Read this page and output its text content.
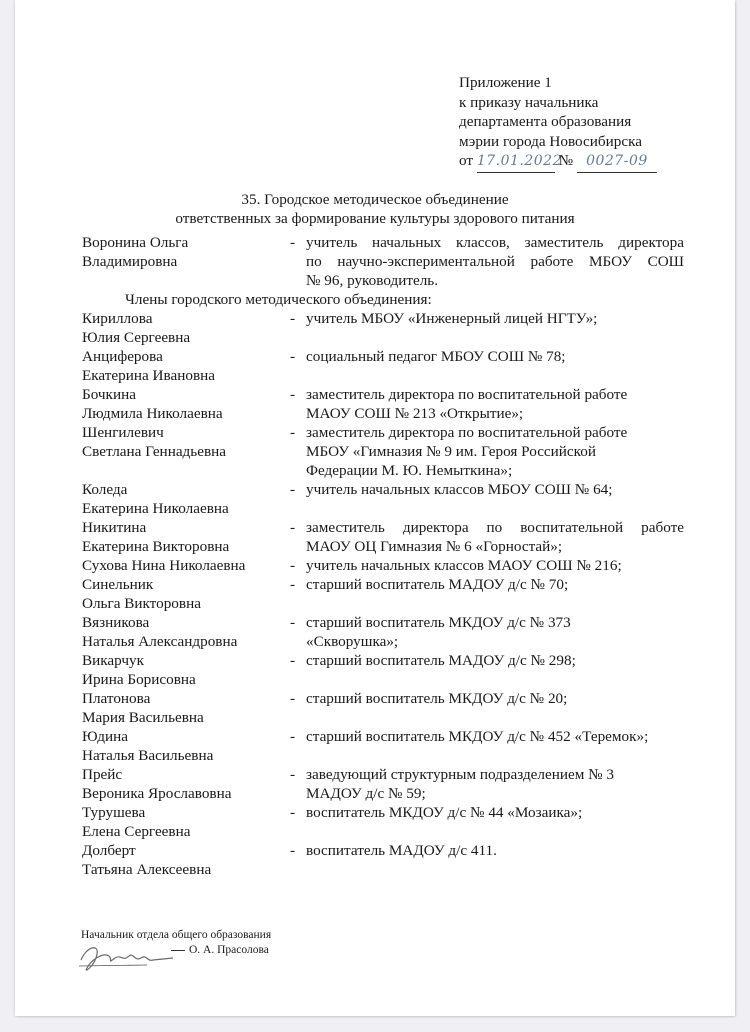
Приложение 1
к приказу начальника
департамента образования
мэрии города Новосибирска
от 17.01.2022 № 0027-09
35. Городское методическое объединение
ответственных за формирование культуры здорового питания
Воронина Ольга
Владимировна
- учитель начальных классов, заместитель директора
по научно-экспериментальной работе МБОУ СОШ
№ 96, руководитель.
Члены городского методического объединения:
Кириллова
Юлия Сергеевна
- учитель МБОУ «Инженерный лицей НГТУ»;
Анциферова
Екатерина Ивановна
- социальный педагог МБОУ СОШ № 78;
Бочкина
Людмила Николаевна
- заместитель директора по воспитательной работе
МАОУ СОШ № 213 «Открытие»;
Шенгилевич
Светлана Геннадьевна
- заместитель директора по воспитательной работе
МБОУ «Гимназия № 9 им. Героя Российской
Федерации М. Ю. Немыткина»;
Коледа
Екатерина Николаевна
- учитель начальных классов МБОУ СОШ № 64;
Никитина
Екатерина Викторовна
- заместитель директора по воспитательной работе
МАОУ ОЦ Гимназия № 6 «Горностай»;
Сухова Нина Николаевна	- учитель начальных классов МАОУ СОШ № 216;
Синельник
Ольга Викторовна
- старший воспитатель МАДОУ д/с № 70;
Вязникова
Наталья Александровна
- старший воспитатель МКДОУ д/с № 373
«Скворушка»;
Викарчук
Ирина Борисовна
- старший воспитатель МАДОУ д/с № 298;
Платонова
Мария Васильевна
- старший воспитатель МКДОУ д/с № 20;
Юдина
Наталья Васильевна
- старший воспитатель МКДОУ д/с № 452 «Теремок»;
Прейс
Вероника Ярославовна
- заведующий структурным подразделением № 3
МАДОУ д/с № 59;
Турушева
Елена Сергеевна
- воспитатель МКДОУ д/с № 44 «Мозаика»;
Долберт
Татьяна Алексеевна
- воспитатель МАДОУ д/с 411.
Начальник отдела общего образования
О. А. Прасолова
